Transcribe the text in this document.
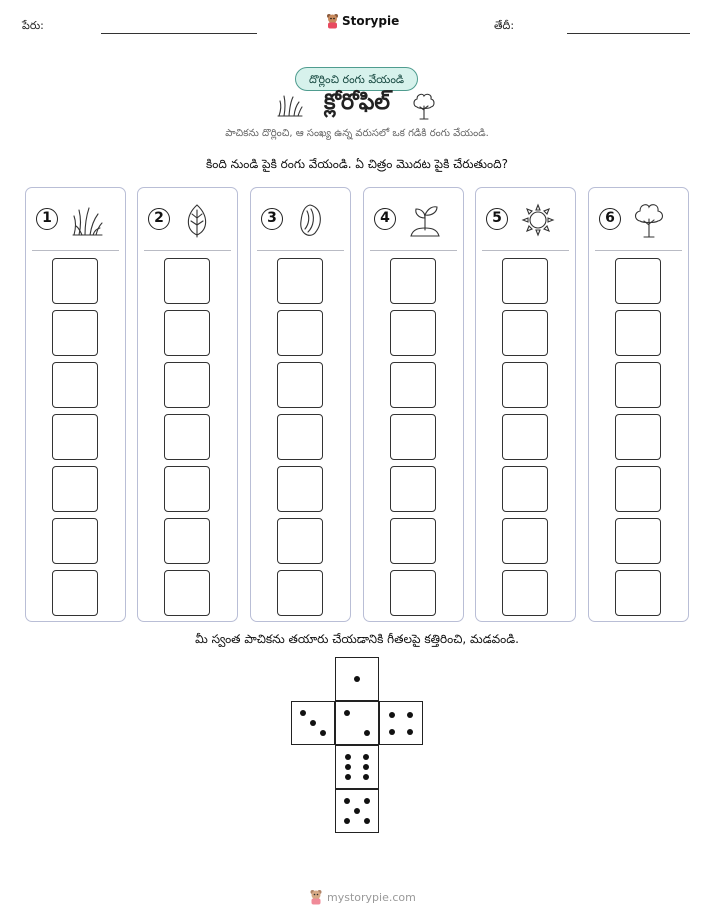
పేరు:	Storypie	తేదీ:
దొర్లించి రంగు వేయండి
క్లోరోఫిల్
పాచికను దొర్లించి, ఆ సంఖ్య ఉన్న వరుసలో ఒక గడికి రంగు వేయండి.
కింది నుండి పైకి రంగు వేయండి. ఏ చిత్రం మొదట పైకి చేరుతుంది?
1	2	3	4	5	6
మీ స్వంత పాచికను తయారు చేయడానికి గీతలపై కత్తిరించి, మడవండి.
mystorypie.com
